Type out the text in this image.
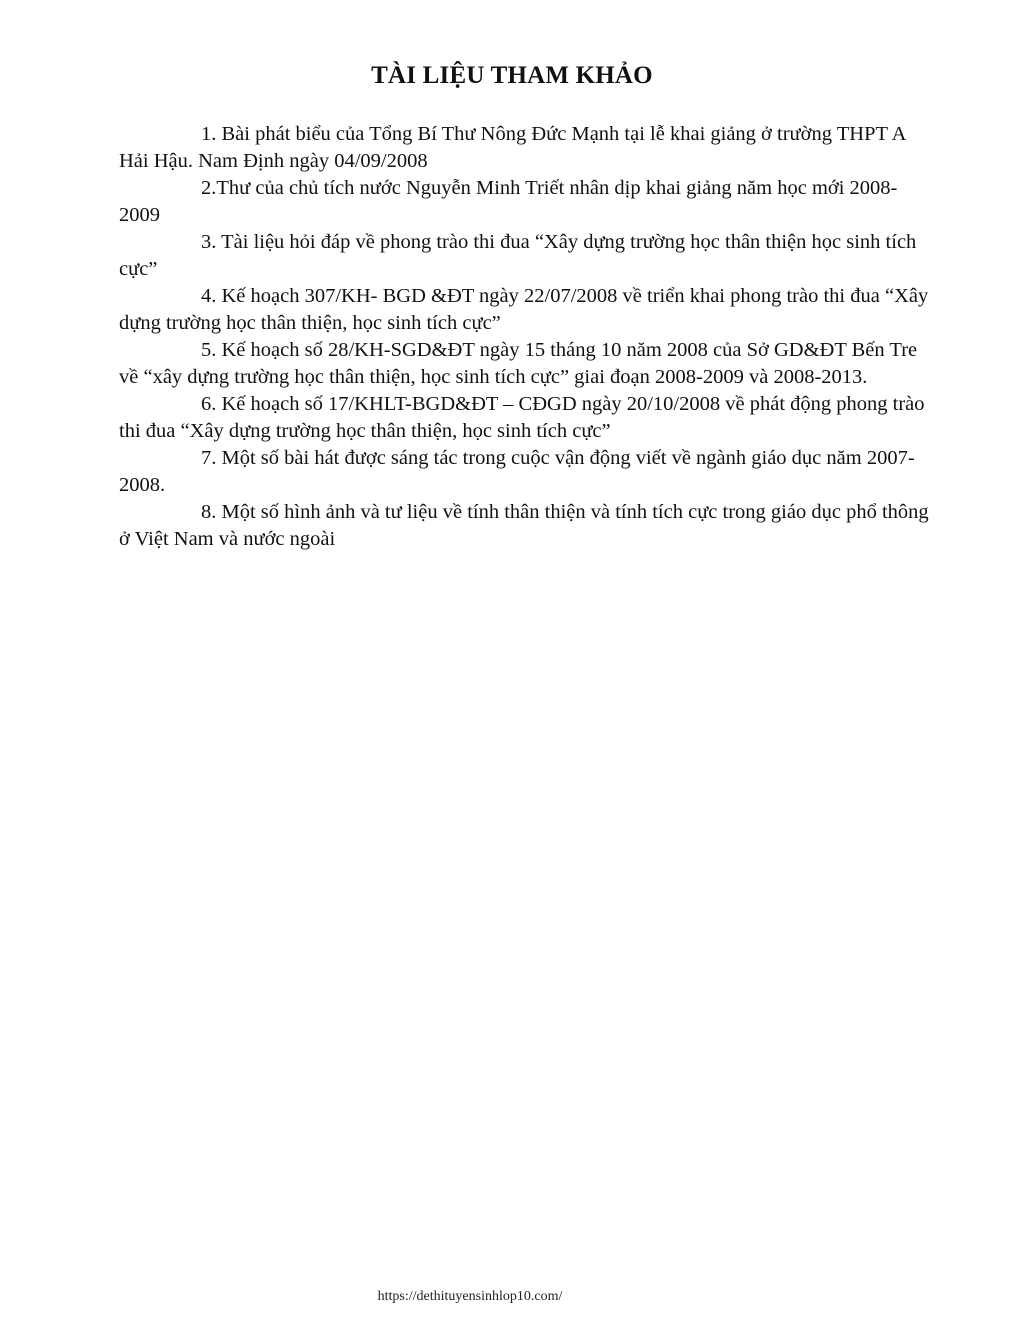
TÀI LIỆU THAM KHẢO
1. Bài phát biểu của Tổng Bí Thư Nông Đức Mạnh tại lễ khai giảng ở trường THPT A Hải Hậu. Nam Định ngày 04/09/2008
2.Thư của chủ tích nước Nguyễn Minh Triết nhân dịp khai giảng năm học mới 2008-2009
3. Tài liệu hỏi đáp về phong trào thi đua “Xây dựng trường học thân thiện học sinh tích cực”
4. Kế hoạch 307/KH- BGD &ĐT ngày 22/07/2008 về triển khai phong trào thi đua “Xây dựng trường học thân thiện, học sinh tích cực”
5. Kế hoạch số 28/KH-SGD&ĐT ngày 15 tháng 10 năm 2008 của Sở GD&ĐT Bến Tre về “xây dựng trường học thân thiện, học sinh tích cực” giai đoạn 2008-2009 và 2008-2013.
6. Kế hoạch số 17/KHLT-BGD&ĐT – CĐGD ngày 20/10/2008 về phát động phong trào thi đua “Xây dựng trường học thân thiện, học sinh tích cực”
7. Một số bài hát được sáng tác trong cuộc vận động viết về ngành giáo dục năm 2007-2008.
8. Một số hình ảnh và tư liệu về tính thân thiện và tính tích cực trong giáo dục phổ thông ở Việt Nam và nước ngoài
https://dethituyensinhlop10.com/
